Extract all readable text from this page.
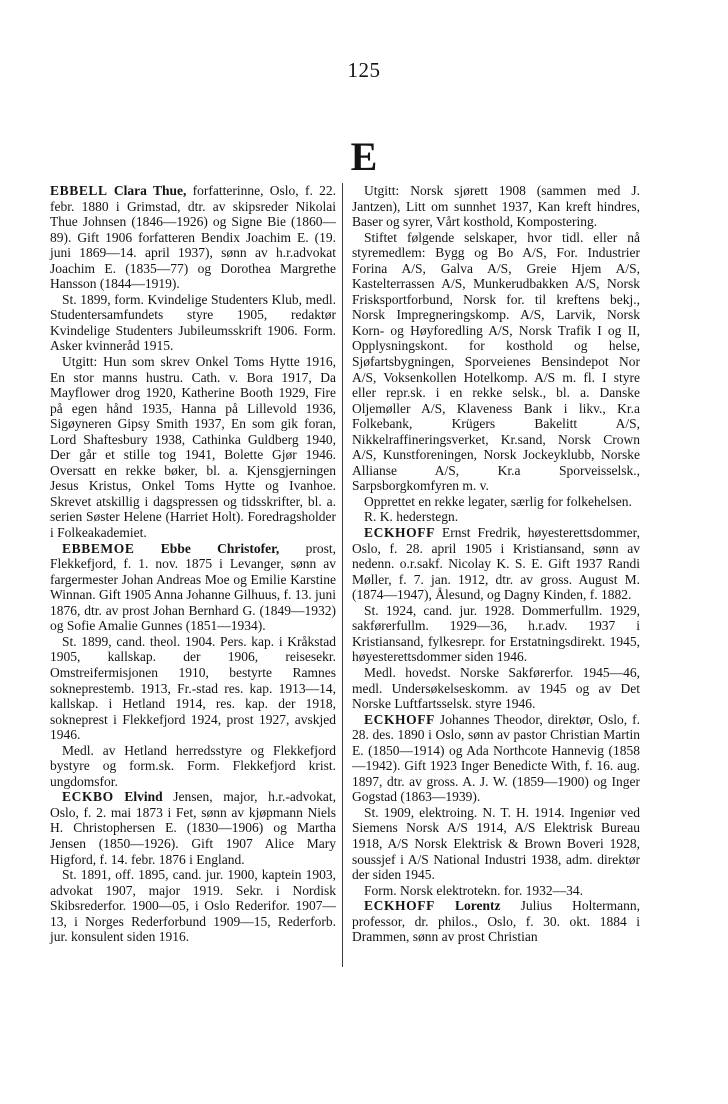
125
E

EBBELL Clara Thue, forfatterinne, Oslo, f. 22. febr. 1880 i Grimstad, dtr. av skipsreder Nikolai Thue Johnsen (1846—1926) og Signe Bie (1860—89). Gift 1906 forfatteren Bendix Joachim E. (19. juni 1869—14. april 1937), sønn av h.r.advokat Joachim E. (1835—77) og Dorothea Margrethe Hansson (1844—1919).

St. 1899, form. Kvindelige Studenters Klub, medl. Studentersamfundets styre 1905, redaktør Kvindelige Studenters Jubileumsskrift 1906. Form. Asker kvinneråd 1915.

Utgitt: Hun som skrev Onkel Toms Hytte 1916, En stor manns hustru. Cath. v. Bora 1917, Da Mayflower drog 1920, Katherine Booth 1929, Fire på egen hånd 1935, Hanna på Lillevold 1936, Sigøyneren Gipsy Smith 1937, En som gik foran, Lord Shaftesbury 1938, Cathinka Guldberg 1940, Der går et stille tog 1941, Bolette Gjør 1946. Oversatt en rekke bøker, bl. a. Kjensgjerningen Jesus Kristus, Onkel Toms Hytte og Ivanhoe. Skrevet atskillig i dagspressen og tidsskrifter, bl. a. serien Søster Helene (Harriet Holt). Foredragsholder i Folkeakademiet.

EBBEMOE Ebbe Christofer, prost, Flekkefjord, f. 1. nov. 1875 i Levanger, sønn av fargermester Johan Andreas Moe og Emilie Karstine Winnan. Gift 1905 Anna Johanne Gilhuus, f. 13. juni 1876, dtr. av prost Johan Bernhard G. (1849—1932) og Sofie Amalie Gunnes (1851—1934).

St. 1899, cand. theol. 1904. Pers. kap. i Kråkstad 1905, kallskap. der 1906, reisesekr. Omstreifermisjonen 1910, bestyrte Ramnes sokneprestemb. 1913, Fr.-stad res. kap. 1913—14, kallskap. i Hetland 1914, res. kap. der 1918, sokneprest i Flekkefjord 1924, prost 1927, avskjed 1946.

Medl. av Hetland herredsstyre og Flekkefjord bystyre og form.sk. Form. Flekkefjord krist. ungdomsfor.

ECKBO Elvind Jensen, major, h.r.-advokat, Oslo, f. 2. mai 1873 i Fet, sønn av kjøpmann Niels H. Christophersen E. (1830—1906) og Martha Jensen (1850—1926). Gift 1907 Alice Mary Higford, f. 14. febr. 1876 i England.

St. 1891, off. 1895, cand. jur. 1900, kaptein 1903, advokat 1907, major 1919. Sekr. i Nordisk Skibsrederfor. 1900—05, i Oslo Rederifor. 1907—13, i Norges Rederforbund 1909—15, Rederforb. jur. konsulent siden 1916.

Utgitt: Norsk sjørett 1908 (sammen med J. Jantzen), Litt om sunnhet 1937, Kan kreft hindres, Baser og syrer, Vårt kosthold, Kompostering.

Stiftet følgende selskaper, hvor tidl. eller nå styremedlem: Bygg og Bo A/S, For. Industrier Forina A/S, Galva A/S, Greie Hjem A/S, Kastelterrassen A/S, Munkerudbakken A/S, Norsk Frisksportforbund, Norsk for. til kreftens bekj., Norsk Impregneringskomp. A/S, Larvik, Norsk Korn- og Høyforedling A/S, Norsk Trafik I og II, Opplysningskont. for kosthold og helse, Sjøfartsbygningen, Sporveienes Bensindepot Nor A/S, Voksenkollen Hotelkomp. A/S m. fl. I styre eller repr.sk. i en rekke selsk., bl. a. Danske Oljemøller A/S, Klaveness Bank i likv., Kr.a Folkebank, Krügers Bakelitt A/S, Nikkelraffineringsverket, Kr.sand, Norsk Crown A/S, Kunstforeningen, Norsk Jockeyklubb, Norske Allianse A/S, Kr.a Sporveisselsk., Sarpsborgkomfyren m. v.

Opprettet en rekke legater, særlig for folkehelsen.

R. K. hederstegn.

ECKHOFF Ernst Fredrik, høyesterettsdommer, Oslo, f. 28. april 1905 i Kristiansand, sønn av nedenn. o.r.sakf. Nicolay K. S. E. Gift 1937 Randi Møller, f. 7. jan. 1912, dtr. av gross. August M. (1874—1947), Ålesund, og Dagny Kinden, f. 1882.

St. 1924, cand. jur. 1928. Dommerfullm. 1929, sakførerfullm. 1929—36, h.r.adv. 1937 i Kristiansand, fylkesrepr. for Erstatningsdirekt. 1945, høyesterettsdommer siden 1946.

Medl. hovedst. Norske Sakførerfor. 1945—46, medl. Undersøkelseskomm. av 1945 og av Det Norske Luftfartsselsk. styre 1946.

ECKHOFF Johannes Theodor, direktør, Oslo, f. 28. des. 1890 i Oslo, sønn av pastor Christian Martin E. (1850—1914) og Ada Northcote Hannevig (1858—1942). Gift 1923 Inger Benedicte With, f. 16. aug. 1897, dtr. av gross. A. J. W. (1859—1900) og Inger Gogstad (1863—1939).

St. 1909, elektroing. N. T. H. 1914. Ingeniør ved Siemens Norsk A/S 1914, A/S Elektrisk Bureau 1918, A/S Norsk Elektrisk & Brown Boveri 1928, soussjef i A/S National Industri 1938, adm. direktør der siden 1945.

Form. Norsk elektrotekn. for. 1932—34.

ECKHOFF Lorentz Julius Holtermann, professor, dr. philos., Oslo, f. 30. okt. 1884 i Drammen, sønn av prost Christian
